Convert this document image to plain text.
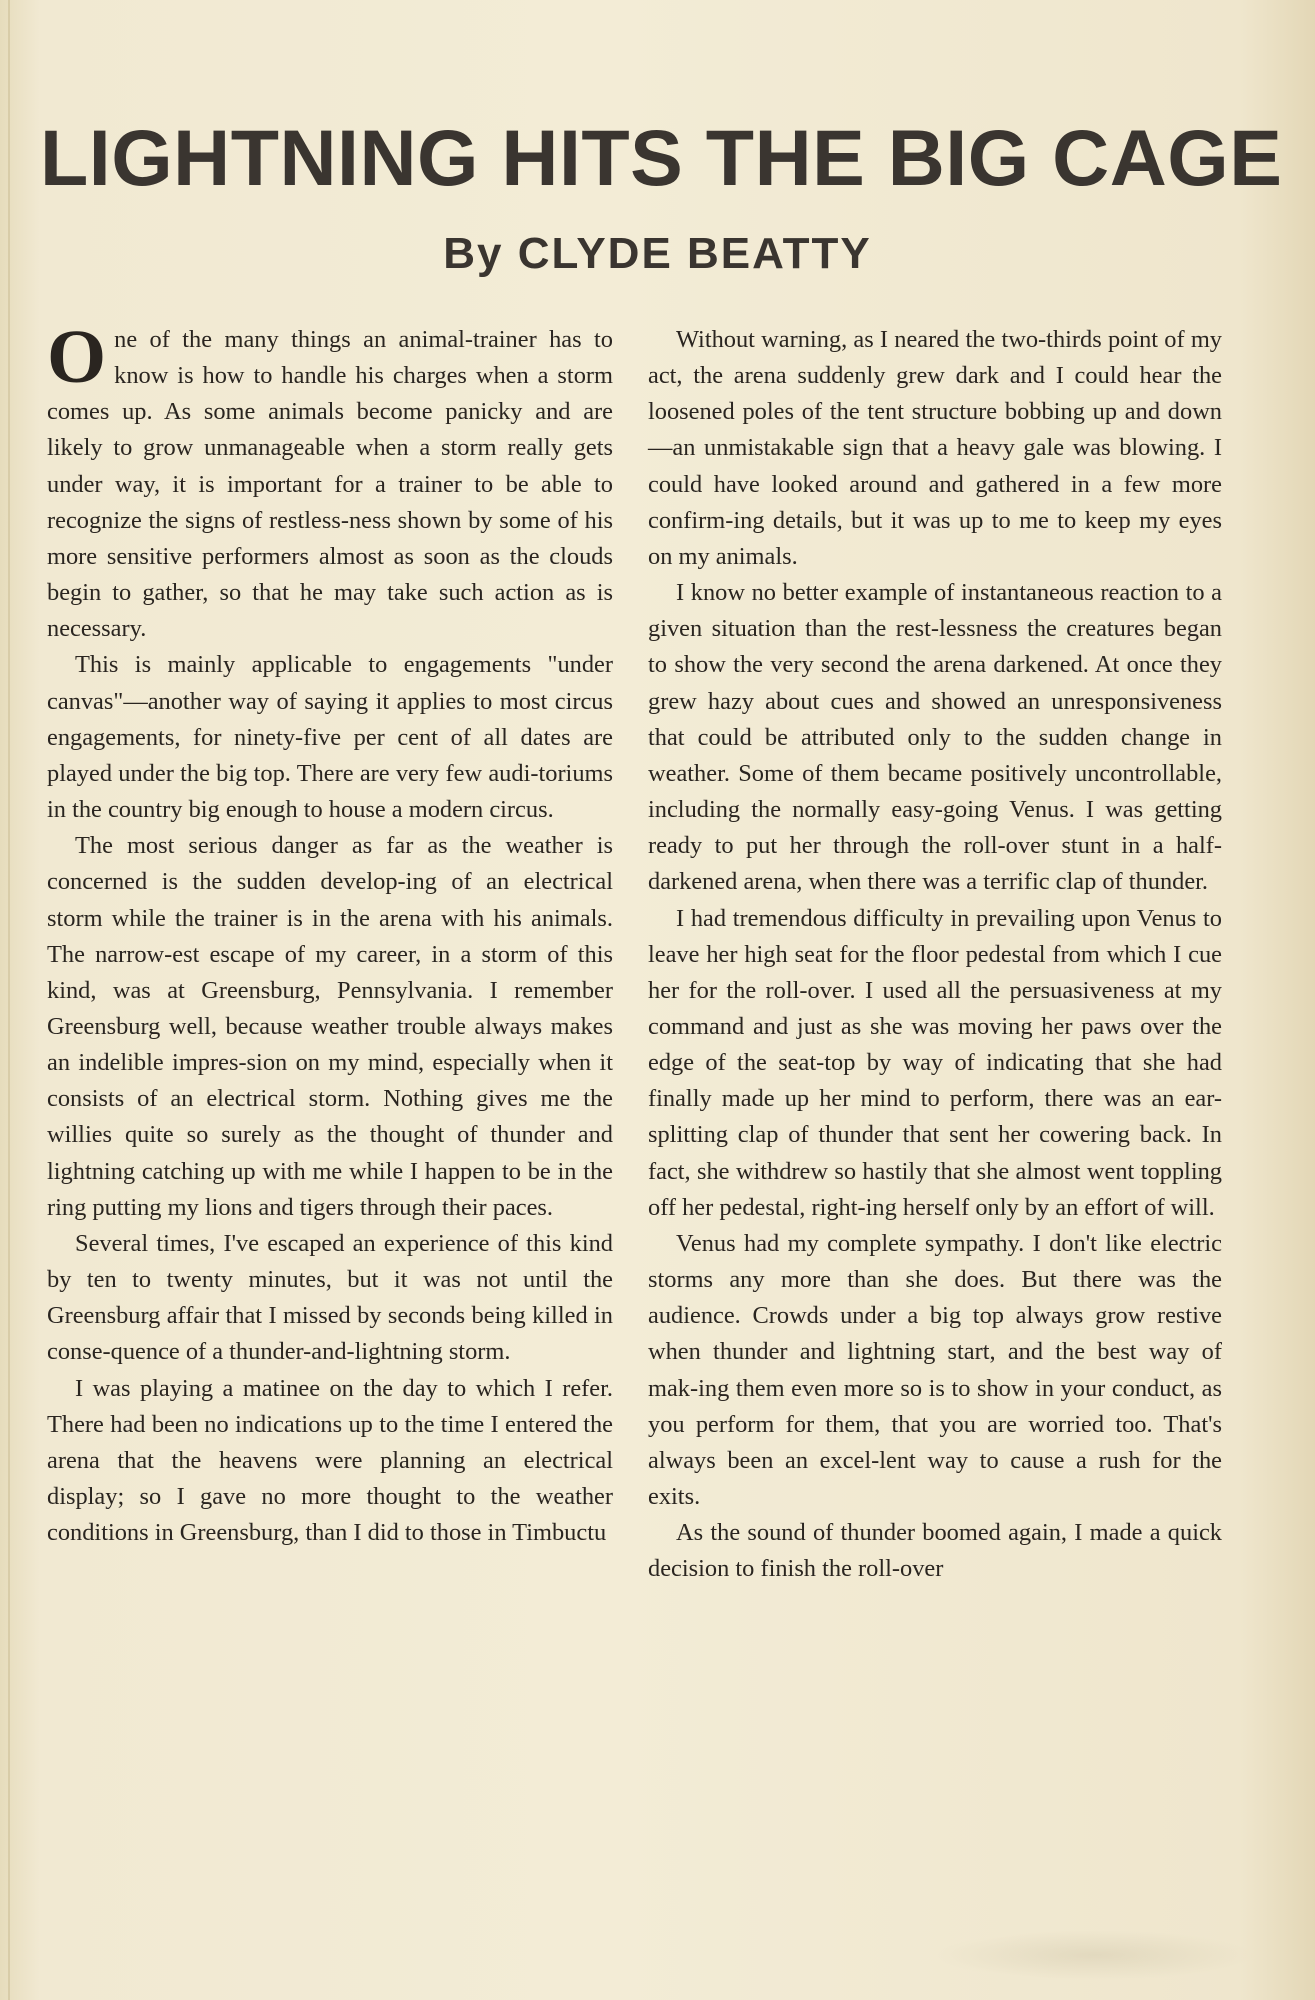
LIGHTNING HITS THE BIG CAGE
By CLYDE BEATTY

One of the many things an animal-trainer has to know is how to handle his charges when a storm comes up. As some animals become panicky and are likely to grow unmanageable when a storm really gets under way, it is important for a trainer to be able to recognize the signs of restless-ness shown by some of his more sensitive performers almost as soon as the clouds begin to gather, so that he may take such action as is necessary.

This is mainly applicable to engagements "under canvas"—another way of saying it applies to most circus engagements, for ninety-five per cent of all dates are played under the big top. There are very few audi-toriums in the country big enough to house a modern circus.

The most serious danger as far as the weather is concerned is the sudden develop-ing of an electrical storm while the trainer is in the arena with his animals. The narrow-est escape of my career, in a storm of this kind, was at Greensburg, Pennsylvania. I remember Greensburg well, because weather trouble always makes an indelible impres-sion on my mind, especially when it consists of an electrical storm. Nothing gives me the willies quite so surely as the thought of thunder and lightning catching up with me while I happen to be in the ring putting my lions and tigers through their paces.

Several times, I've escaped an experience of this kind by ten to twenty minutes, but it was not until the Greensburg affair that I missed by seconds being killed in conse-quence of a thunder-and-lightning storm.

I was playing a matinee on the day to which I refer. There had been no indications up to the time I entered the arena that the heavens were planning an electrical display; so I gave no more thought to the weather conditions in Greensburg, than I did to those in Timbuctu

Without warning, as I neared the two-thirds point of my act, the arena suddenly grew dark and I could hear the loosened poles of the tent structure bobbing up and down—an unmistakable sign that a heavy gale was blowing. I could have looked around and gathered in a few more confirm-ing details, but it was up to me to keep my eyes on my animals.

I know no better example of instantaneous reaction to a given situation than the rest-lessness the creatures began to show the very second the arena darkened. At once they grew hazy about cues and showed an unresponsiveness that could be attributed only to the sudden change in weather. Some of them became positively uncontrollable, including the normally easy-going Venus. I was getting ready to put her through the roll-over stunt in a half-darkened arena, when there was a terrific clap of thunder.

I had tremendous difficulty in prevailing upon Venus to leave her high seat for the floor pedestal from which I cue her for the roll-over. I used all the persuasiveness at my command and just as she was moving her paws over the edge of the seat-top by way of indicating that she had finally made up her mind to perform, there was an ear-splitting clap of thunder that sent her cowering back. In fact, she withdrew so hastily that she almost went toppling off her pedestal, right-ing herself only by an effort of will.

Venus had my complete sympathy. I don't like electric storms any more than she does. But there was the audience. Crowds under a big top always grow restive when thunder and lightning start, and the best way of mak-ing them even more so is to show in your conduct, as you perform for them, that you are worried too. That's always been an excel-lent way to cause a rush for the exits.

As the sound of thunder boomed again, I made a quick decision to finish the roll-over
